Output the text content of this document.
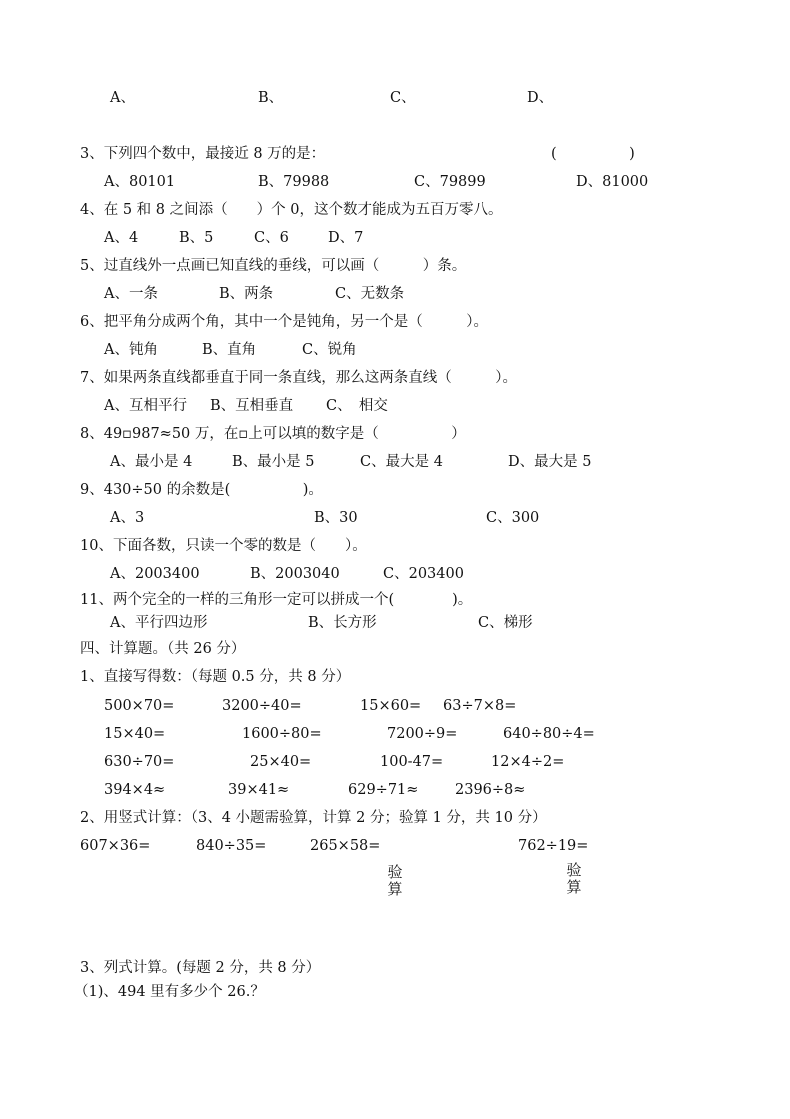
A、	B、	C、	D、
3、下列四个数中，最接近 8 万的是：	(　　　　　)
A、80101	B、79988	C、79899	D、81000
4、在 5 和 8 之间添（　　）个 0，这个数才能成为五百万零八。
A、4	B、5	C、6	D、7
5、过直线外一点画已知直线的垂线，可以画（　　　）条。
A、一条	B、两条	C、无数条
6、把平角分成两个角，其中一个是钝角，另一个是（　　　）。
A、钝角	B、直角	C、锐角
7、如果两条直线都垂直于同一条直线，那么这两条直线（　　　）。
A、互相平行 B、互相垂直 C、　相交
8、49▫987≈50 万，在▫上可以填的数字是（　　　　　）
A、最小是 4	B、最小是 5	C、最大是 4	D、最大是 5
9、430÷50 的余数是(　　　　　)。
A、3	B、30	C、300
10、下面各数，只读一个零的数是（　　）。
A、2003400	B、2003040	C、203400
11、两个完全的一样的三角形一定可以拼成一个(　　　　)。
A、平行四边形	B、长方形	C、梯形
四、计算题。（共 26 分）
1、直接写得数：（每题 0.5 分，共 8 分）
500×70=	3200÷40=	15×60= 63÷7×8=
15×40=	1600÷80=	7200÷9=	640÷80÷4=
630÷70=	25×40=	100-47=	12×4÷2=
394×4≈	39×41≈	629÷71≈	2396÷8≈
2、用竖式计算：（3、4 小题需验算，计算 2 分；验算 1 分，共 10 分）
607×36=	840÷35=	265×58=	762÷19=
验算
验算
3、列式计算。(每题 2 分，共 8 分）
（1)、494 里有多少个 26.？
